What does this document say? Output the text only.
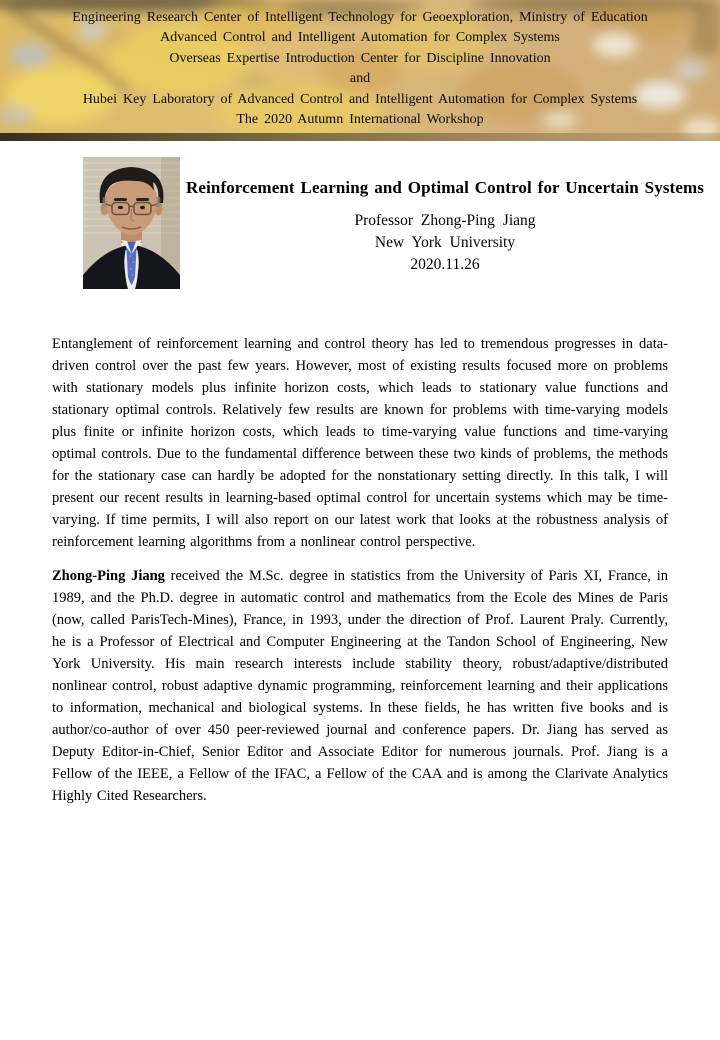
Engineering Research Center of Intelligent Technology for Geoexploration, Ministry of Education
Advanced Control and Intelligent Automation for Complex Systems
Overseas Expertise Introduction Center for Discipline Innovation
and
Hubei Key Laboratory of Advanced Control and Intelligent Automation for Complex Systems
The 2020 Autumn International Workshop
Reinforcement Learning and Optimal Control for Uncertain Systems
Professor Zhong-Ping Jiang
New York University
2020.11.26

Entanglement of reinforcement learning and control theory has led to tremendous progresses in data-driven control over the past few years. However, most of existing results focused more on problems with stationary models plus infinite horizon costs, which leads to stationary value functions and stationary optimal controls. Relatively few results are known for problems with time-varying models plus finite or infinite horizon costs, which leads to time-varying value functions and time-varying optimal controls. Due to the fundamental difference between these two kinds of problems, the methods for the stationary case can hardly be adopted for the nonstationary setting directly. In this talk, I will present our recent results in learning-based optimal control for uncertain systems which may be time-varying. If time permits, I will also report on our latest work that looks at the robustness analysis of reinforcement learning algorithms from a nonlinear control perspective.

Zhong-Ping Jiang received the M.Sc. degree in statistics from the University of Paris XI, France, in 1989, and the Ph.D. degree in automatic control and mathematics from the Ecole des Mines de Paris (now, called ParisTech-Mines), France, in 1993, under the direction of Prof. Laurent Praly. Currently, he is a Professor of Electrical and Computer Engineering at the Tandon School of Engineering, New York University. His main research interests include stability theory, robust/adaptive/distributed nonlinear control, robust adaptive dynamic programming, reinforcement learning and their applications to information, mechanical and biological systems. In these fields, he has written five books and is author/co-author of over 450 peer-reviewed journal and conference papers. Dr. Jiang has served as Deputy Editor-in-Chief, Senior Editor and Associate Editor for numerous journals. Prof. Jiang is a Fellow of the IEEE, a Fellow of the IFAC, a Fellow of the CAA and is among the Clarivate Analytics Highly Cited Researchers.
